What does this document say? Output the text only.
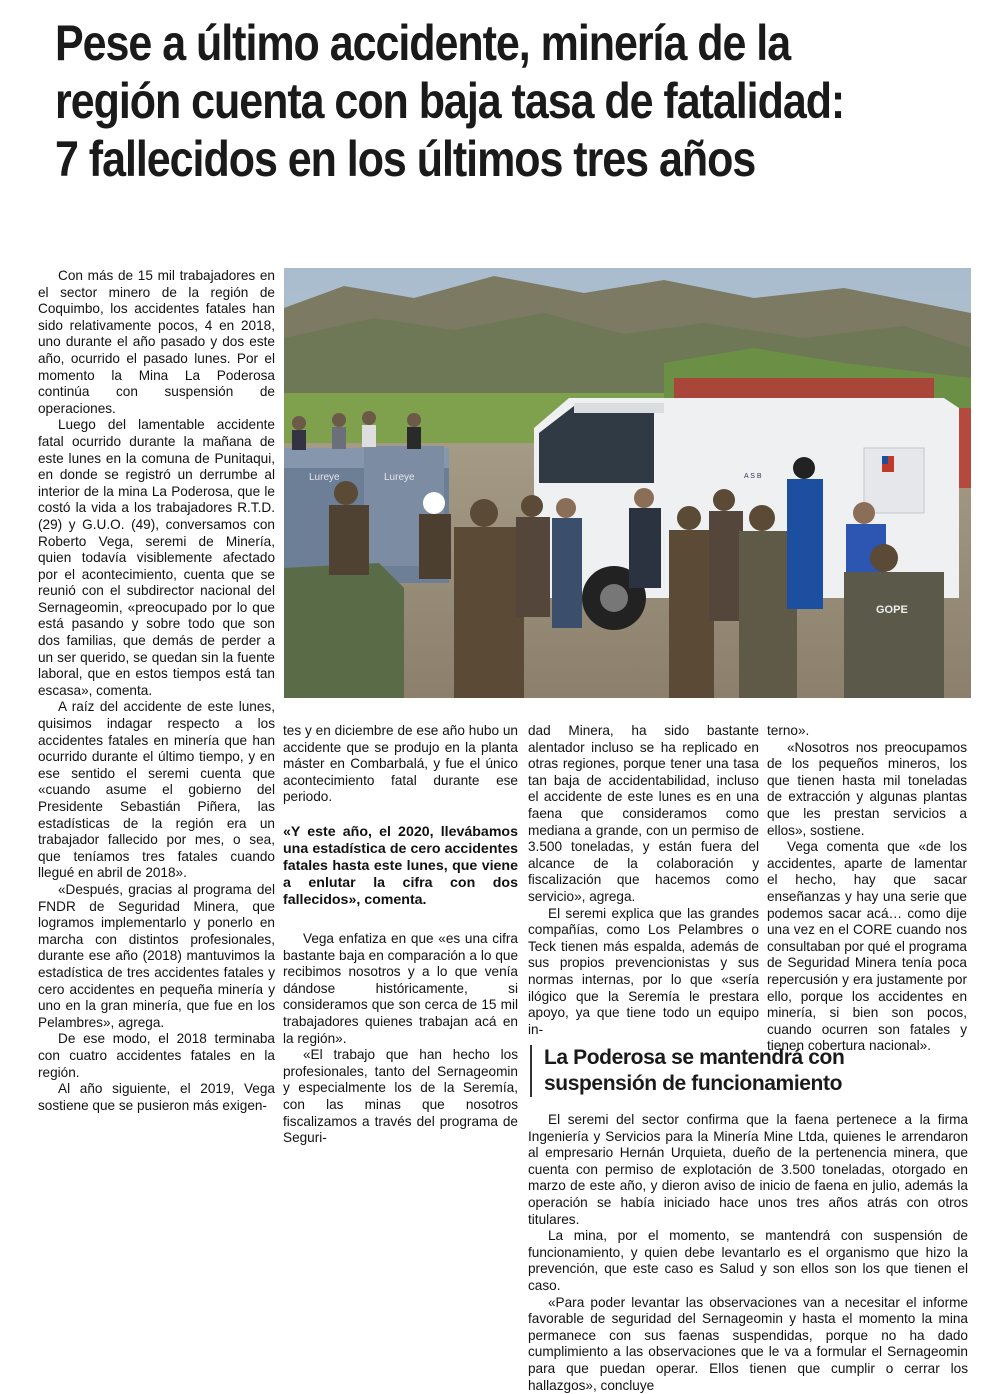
Pese a último accidente, minería de la
región cuenta con baja tasa de fatalidad:
7 fallecidos en los últimos tres años
Lureye	Lureye	A S B
GOPE

Con más de 15 mil trabajadores en el sector minero de la región de Coquimbo, los accidentes fatales han sido relativamente pocos, 4 en 2018, uno durante el año pasado y dos este año, ocurrido el pasado lunes. Por el momento la Mina La Poderosa continúa con suspensión de operaciones.

Luego del lamentable accidente fatal ocurrido durante la mañana de este lunes en la comuna de Punitaqui, en donde se registró un derrumbe al interior de la mina La Poderosa, que le costó la vida a los trabajadores R.T.D. (29) y G.U.O. (49), conversamos con Roberto Vega, seremi de Minería, quien todavía visiblemente afectado por el acontecimiento, cuenta que se reunió con el subdirector nacional del Sernageomin, «preocupado por lo que está pasando y sobre todo que son dos familias, que demás de perder a un ser querido, se quedan sin la fuente laboral, que en estos tiempos está tan escasa», comenta.

A raíz del accidente de este lunes, quisimos indagar respecto a los accidentes fatales en minería que han ocurrido durante el último tiempo, y en ese sentido el seremi cuenta que «cuando asume el gobierno del Presidente Sebastián Piñera, las estadísticas de la región era un trabajador fallecido por mes, o sea, que teníamos tres fatales cuando llegué en abril de 2018».

«Después, gracias al programa del FNDR de Seguridad Minera, que logramos implementarlo y ponerlo en marcha con distintos profesionales, durante ese año (2018) mantuvimos la estadística de tres accidentes fatales y cero accidentes en pequeña minería y uno en la gran minería, que fue en los Pelambres», agrega.

De ese modo, el 2018 terminaba con cuatro accidentes fatales en la región.

Al año siguiente, el 2019, Vega sostiene que se pusieron más exigen-

tes y en diciembre de ese año hubo un accidente que se produjo en la planta máster en Combarbalá, y fue el único acontecimiento fatal durante ese periodo.

«Y este año, el 2020, llevábamos una estadística de cero accidentes fatales hasta este lunes, que viene a enlutar la cifra con dos fallecidos», comenta.

Vega enfatiza en que «es una cifra bastante baja en comparación a lo que recibimos nosotros y a lo que venía dándose históricamente, si consideramos que son cerca de 15 mil trabajadores quienes trabajan acá en la región».

«El trabajo que han hecho los profesionales, tanto del Sernageomin y especialmente los de la Seremía, con las minas que nosotros fiscalizamos a través del programa de Seguri-

dad Minera, ha sido bastante alentador incluso se ha replicado en otras regiones, porque tener una tasa tan baja de accidentabilidad, incluso el accidente de este lunes es en una faena que consideramos como mediana a grande, con un permiso de 3.500 toneladas, y están fuera del alcance de la colaboración y fiscalización que hacemos como servicio», agrega.

El seremi explica que las grandes compañías, como Los Pelambres o Teck tienen más espalda, además de sus propios prevencionistas y sus normas internas, por lo que «sería ilógico que la Seremía le prestara apoyo, ya que tiene todo un equipo in-

terno».

«Nosotros nos preocupamos de los pequeños mineros, los que tienen hasta mil toneladas de extracción y algunas plantas que les prestan servicios a ellos», sostiene.

Vega comenta que «de los accidentes, aparte de lamentar el hecho, hay que sacar enseñanzas y hay una serie que podemos sacar acá… como dije una vez en el CORE cuando nos consultaban por qué el programa de Seguridad Minera tenía poca repercusión y era justamente por ello, porque los accidentes en minería, si bien son pocos, cuando ocurren son fatales y tienen cobertura nacional».

La Poderosa se mantendrá con
suspensión de funcionamiento

El seremi del sector confirma que la faena pertenece a la firma Ingeniería y Servicios para la Minería Mine Ltda, quienes le arrendaron al empresario Hernán Urquieta, dueño de la pertenencia minera, que cuenta con permiso de explotación de 3.500 toneladas, otorgado en marzo de este año, y dieron aviso de inicio de faena en julio, además la operación se había iniciado hace unos tres años atrás con otros titulares.

La mina, por el momento, se mantendrá con suspensión de funcionamiento, y quien debe levantarlo es el organismo que hizo la prevención, que este caso es Salud y son ellos son los que tienen el caso.

«Para poder levantar las observaciones van a necesitar el informe favorable de seguridad del Sernageomin y hasta el momento la mina permanece con sus faenas suspendidas, porque no ha dado cumplimiento a las observaciones que le va a formular el Sernageomin para que puedan operar. Ellos tienen que cumplir o cerrar los hallazgos», concluye
